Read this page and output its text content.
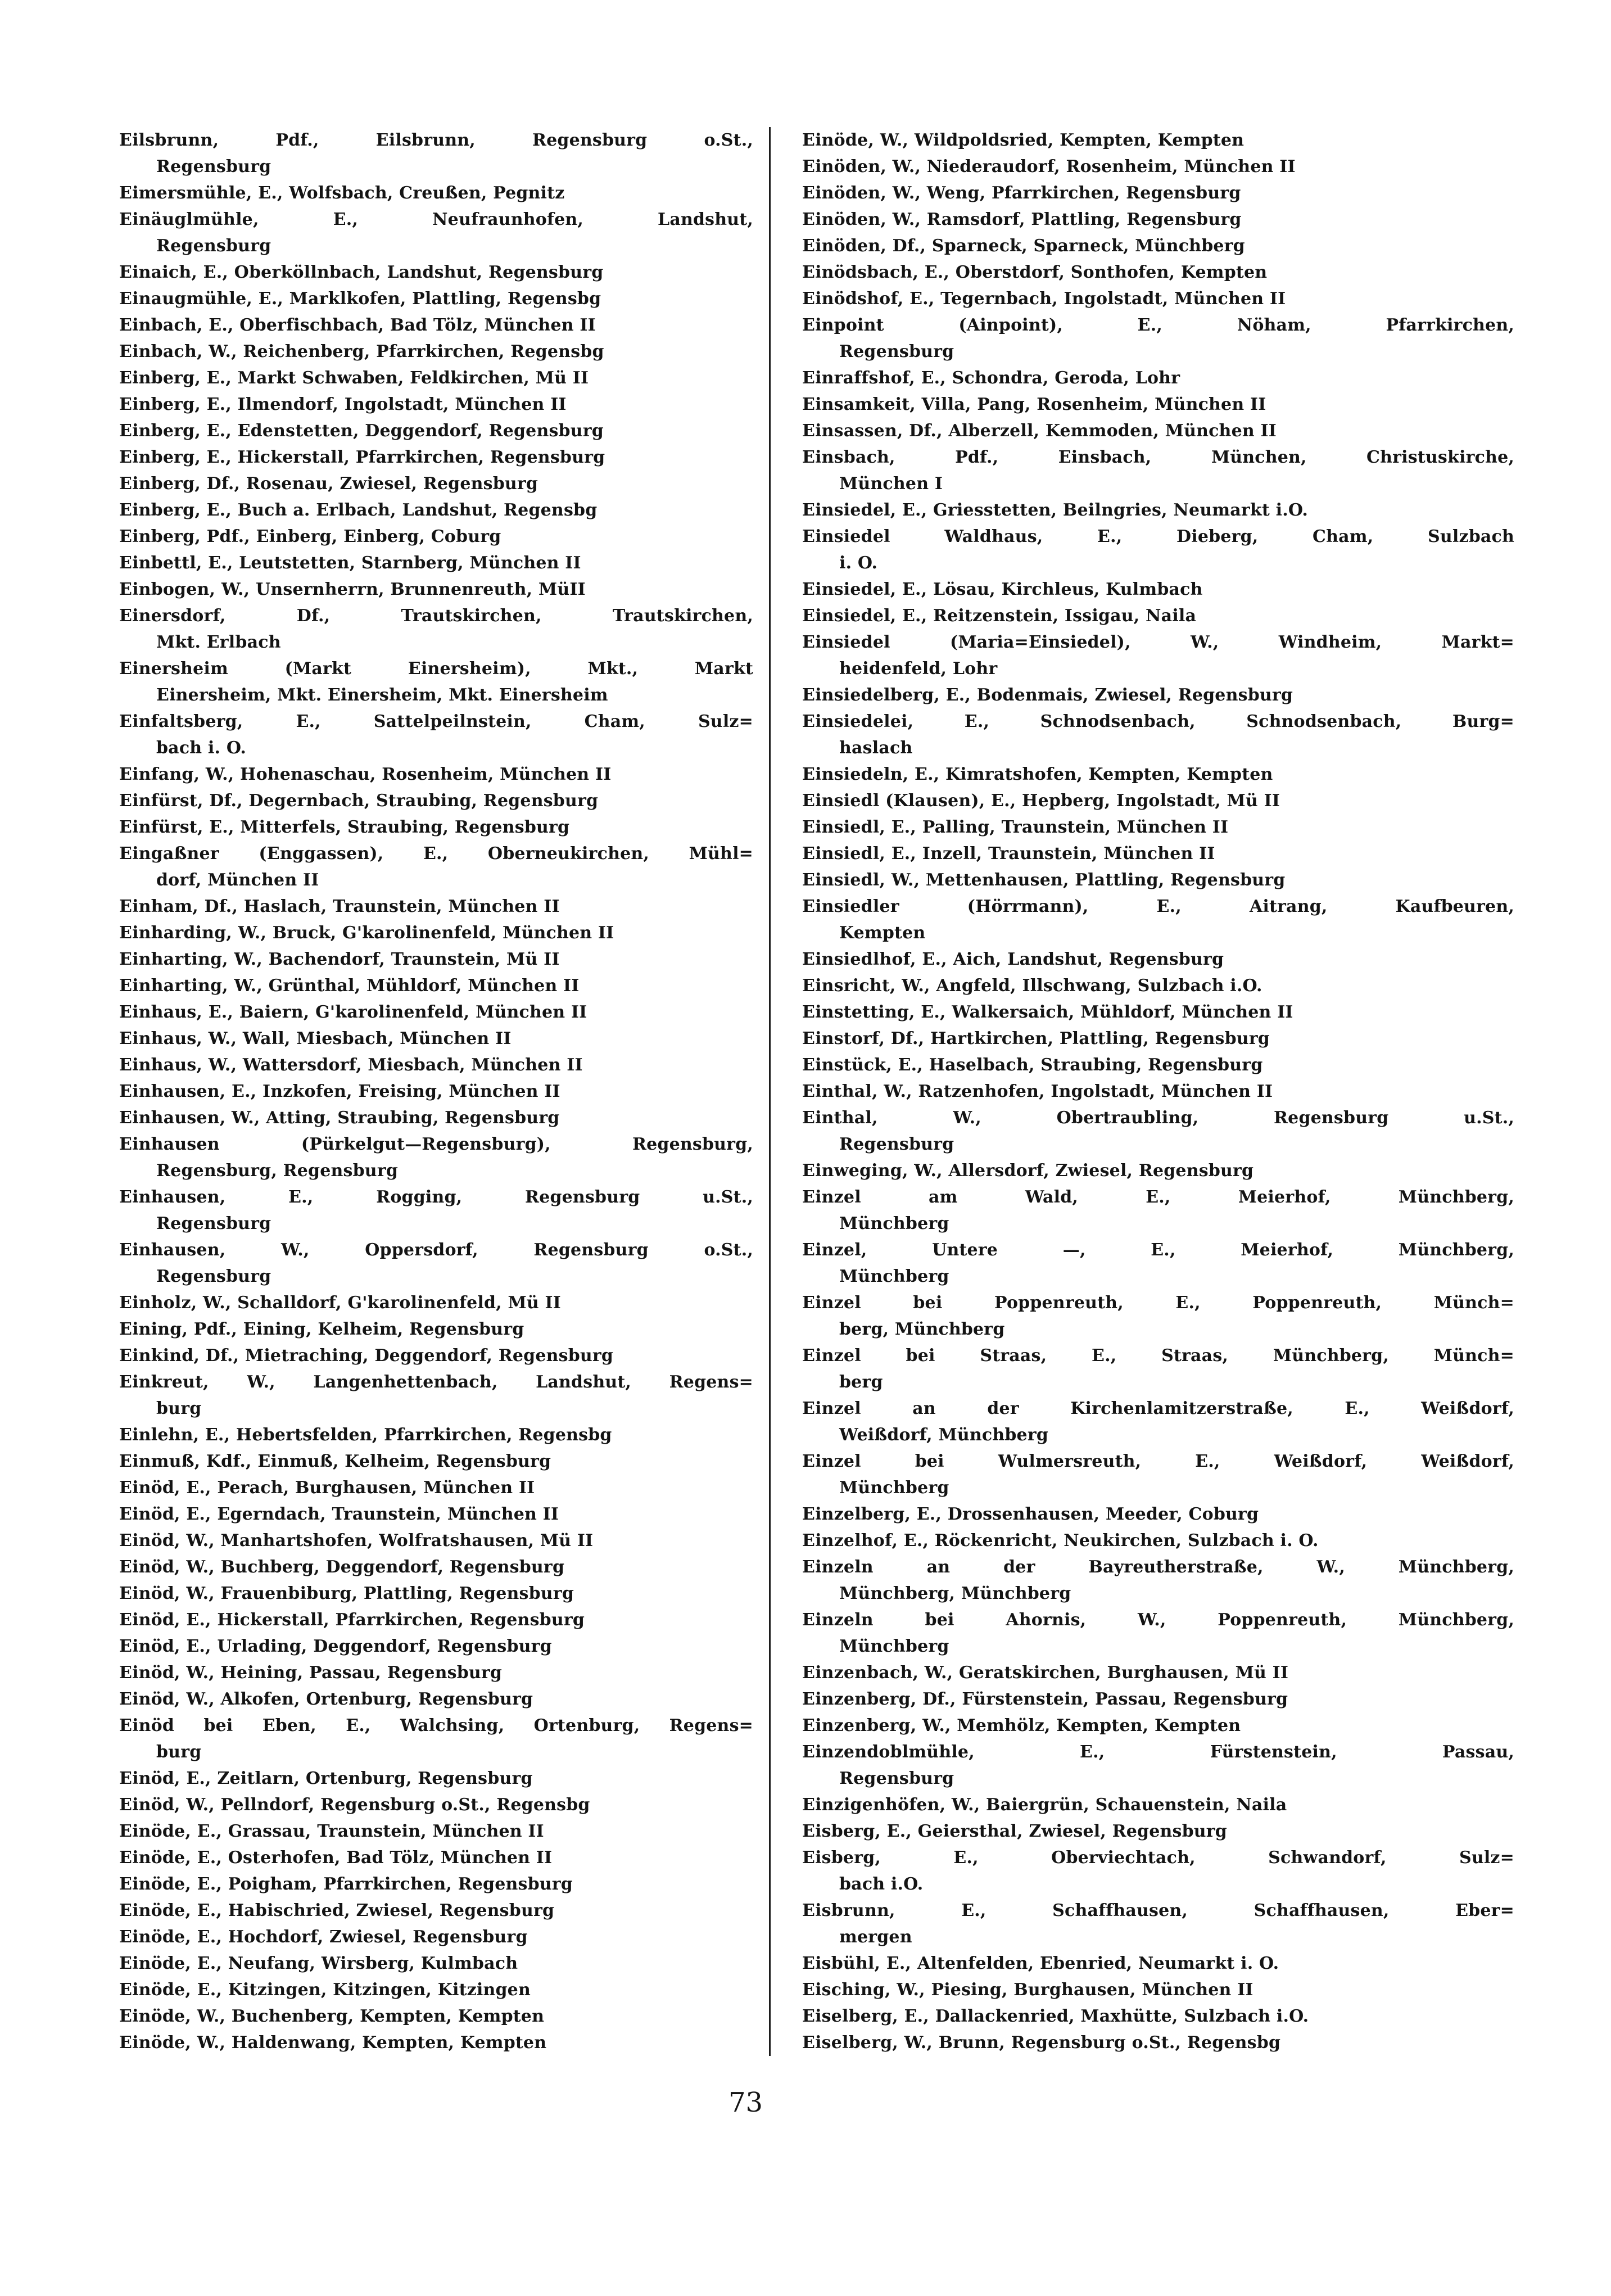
Eilsbrunn, Pdf., Eilsbrunn, Regensburg o.St.,
Regensburg
Eimersmühle, E., Wolfsbach, Creußen, Pegnitz
Einäuglmühle, E., Neufraunhofen, Landshut,
Regensburg
Einaich, E., Oberköllnbach, Landshut, Regensburg
Einaugmühle, E., Marklkofen, Plattling, Regensbg
Einbach, E., Oberfischbach, Bad Tölz, München II
Einbach, W., Reichenberg, Pfarrkirchen, Regensbg
Einberg, E., Markt Schwaben, Feldkirchen, Mü II
Einberg, E., Ilmendorf, Ingolstadt, München II
Einberg, E., Edenstetten, Deggendorf, Regensburg
Einberg, E., Hickerstall, Pfarrkirchen, Regensburg
Einberg, Df., Rosenau, Zwiesel, Regensburg
Einberg, E., Buch a. Erlbach, Landshut, Regensbg
Einberg, Pdf., Einberg, Einberg, Coburg
Einbettl, E., Leutstetten, Starnberg, München II
Einbogen, W., Unsernherrn, Brunnenreuth, MüII
Einersdorf, Df., Trautskirchen, Trautskirchen,
Mkt. Erlbach
Einersheim (Markt Einersheim), Mkt., Markt
Einersheim, Mkt. Einersheim, Mkt. Einersheim
Einfaltsberg, E., Sattelpeilnstein, Cham, Sulz=
bach i. O.
Einfang, W., Hohenaschau, Rosenheim, München II
Einfürst, Df., Degernbach, Straubing, Regensburg
Einfürst, E., Mitterfels, Straubing, Regensburg
Eingaßner (Enggassen), E., Oberneukirchen, Mühl=
dorf, München II
Einham, Df., Haslach, Traunstein, München II
Einharding, W., Bruck, G'karolinenfeld, München II
Einharting, W., Bachendorf, Traunstein, Mü II
Einharting, W., Grünthal, Mühldorf, München II
Einhaus, E., Baiern, G'karolinenfeld, München II
Einhaus, W., Wall, Miesbach, München II
Einhaus, W., Wattersdorf, Miesbach, München II
Einhausen, E., Inzkofen, Freising, München II
Einhausen, W., Atting, Straubing, Regensburg
Einhausen (Pürkelgut—Regensburg), Regensburg,
Regensburg, Regensburg
Einhausen, E., Rogging, Regensburg u.St.,
Regensburg
Einhausen, W., Oppersdorf, Regensburg o.St.,
Regensburg
Einholz, W., Schalldorf, G'karolinenfeld, Mü II
Eining, Pdf., Eining, Kelheim, Regensburg
Einkind, Df., Mietraching, Deggendorf, Regensburg
Einkreut, W., Langenhettenbach, Landshut, Regens=
burg
Einlehn, E., Hebertsfelden, Pfarrkirchen, Regensbg
Einmuß, Kdf., Einmuß, Kelheim, Regensburg
Einöd, E., Perach, Burghausen, München II
Einöd, E., Egerndach, Traunstein, München II
Einöd, W., Manhartshofen, Wolfratshausen, Mü II
Einöd, W., Buchberg, Deggendorf, Regensburg
Einöd, W., Frauenbiburg, Plattling, Regensburg
Einöd, E., Hickerstall, Pfarrkirchen, Regensburg
Einöd, E., Urlading, Deggendorf, Regensburg
Einöd, W., Heining, Passau, Regensburg
Einöd, W., Alkofen, Ortenburg, Regensburg
Einöd bei Eben, E., Walchsing, Ortenburg, Regens=
burg
Einöd, E., Zeitlarn, Ortenburg, Regensburg
Einöd, W., Pellndorf, Regensburg o.St., Regensbg
Einöde, E., Grassau, Traunstein, München II
Einöde, E., Osterhofen, Bad Tölz, München II
Einöde, E., Poigham, Pfarrkirchen, Regensburg
Einöde, E., Habischried, Zwiesel, Regensburg
Einöde, E., Hochdorf, Zwiesel, Regensburg
Einöde, E., Neufang, Wirsberg, Kulmbach
Einöde, E., Kitzingen, Kitzingen, Kitzingen
Einöde, W., Buchenberg, Kempten, Kempten
Einöde, W., Haldenwang, Kempten, Kempten
Einöde, W., Wildpoldsried, Kempten, Kempten
Einöden, W., Niederaudorf, Rosenheim, München II
Einöden, W., Weng, Pfarrkirchen, Regensburg
Einöden, W., Ramsdorf, Plattling, Regensburg
Einöden, Df., Sparneck, Sparneck, Münchberg
Einödsbach, E., Oberstdorf, Sonthofen, Kempten
Einödshof, E., Tegernbach, Ingolstadt, München II
Einpoint (Ainpoint), E., Nöham, Pfarrkirchen,
Regensburg
Einraffshof, E., Schondra, Geroda, Lohr
Einsamkeit, Villa, Pang, Rosenheim, München II
Einsassen, Df., Alberzell, Kemmoden, München II
Einsbach, Pdf., Einsbach, München, Christuskirche,
München I
Einsiedel, E., Griesstetten, Beilngries, Neumarkt i.O.
Einsiedel Waldhaus, E., Dieberg, Cham, Sulzbach
i. O.
Einsiedel, E., Lösau, Kirchleus, Kulmbach
Einsiedel, E., Reitzenstein, Issigau, Naila
Einsiedel (Maria=Einsiedel), W., Windheim, Markt=
heidenfeld, Lohr
Einsiedelberg, E., Bodenmais, Zwiesel, Regensburg
Einsiedelei, E., Schnodsenbach, Schnodsenbach, Burg=
haslach
Einsiedeln, E., Kimratshofen, Kempten, Kempten
Einsiedl (Klausen), E., Hepberg, Ingolstadt, Mü II
Einsiedl, E., Palling, Traunstein, München II
Einsiedl, E., Inzell, Traunstein, München II
Einsiedl, W., Mettenhausen, Plattling, Regensburg
Einsiedler (Hörrmann), E., Aitrang, Kaufbeuren,
Kempten
Einsiedlhof, E., Aich, Landshut, Regensburg
Einsricht, W., Angfeld, Illschwang, Sulzbach i.O.
Einstetting, E., Walkersaich, Mühldorf, München II
Einstorf, Df., Hartkirchen, Plattling, Regensburg
Einstück, E., Haselbach, Straubing, Regensburg
Einthal, W., Ratzenhofen, Ingolstadt, München II
Einthal, W., Obertraubling, Regensburg u.St.,
Regensburg
Einweging, W., Allersdorf, Zwiesel, Regensburg
Einzel am Wald, E., Meierhof, Münchberg,
Münchberg
Einzel, Untere —, E., Meierhof, Münchberg,
Münchberg
Einzel bei Poppenreuth, E., Poppenreuth, Münch=
berg, Münchberg
Einzel bei Straas, E., Straas, Münchberg, Münch=
berg
Einzel an der Kirchenlamitzerstraße, E., Weißdorf,
Weißdorf, Münchberg
Einzel bei Wulmersreuth, E., Weißdorf, Weißdorf,
Münchberg
Einzelberg, E., Drossenhausen, Meeder, Coburg
Einzelhof, E., Röckenricht, Neukirchen, Sulzbach i. O.
Einzeln an der Bayreutherstraße, W., Münchberg,
Münchberg, Münchberg
Einzeln bei Ahornis, W., Poppenreuth, Münchberg,
Münchberg
Einzenbach, W., Geratskirchen, Burghausen, Mü II
Einzenberg, Df., Fürstenstein, Passau, Regensburg
Einzenberg, W., Memhölz, Kempten, Kempten
Einzendoblmühle, E., Fürstenstein, Passau,
Regensburg
Einzigenhöfen, W., Baiergrün, Schauenstein, Naila
Eisberg, E., Geiersthal, Zwiesel, Regensburg
Eisberg, E., Oberviechtach, Schwandorf, Sulz=
bach i.O.
Eisbrunn, E., Schaffhausen, Schaffhausen, Eber=
mergen
Eisbühl, E., Altenfelden, Ebenried, Neumarkt i. O.
Eisching, W., Piesing, Burghausen, München II
Eiselberg, E., Dallackenried, Maxhütte, Sulzbach i.O.
Eiselberg, W., Brunn, Regensburg o.St., Regensbg
73
